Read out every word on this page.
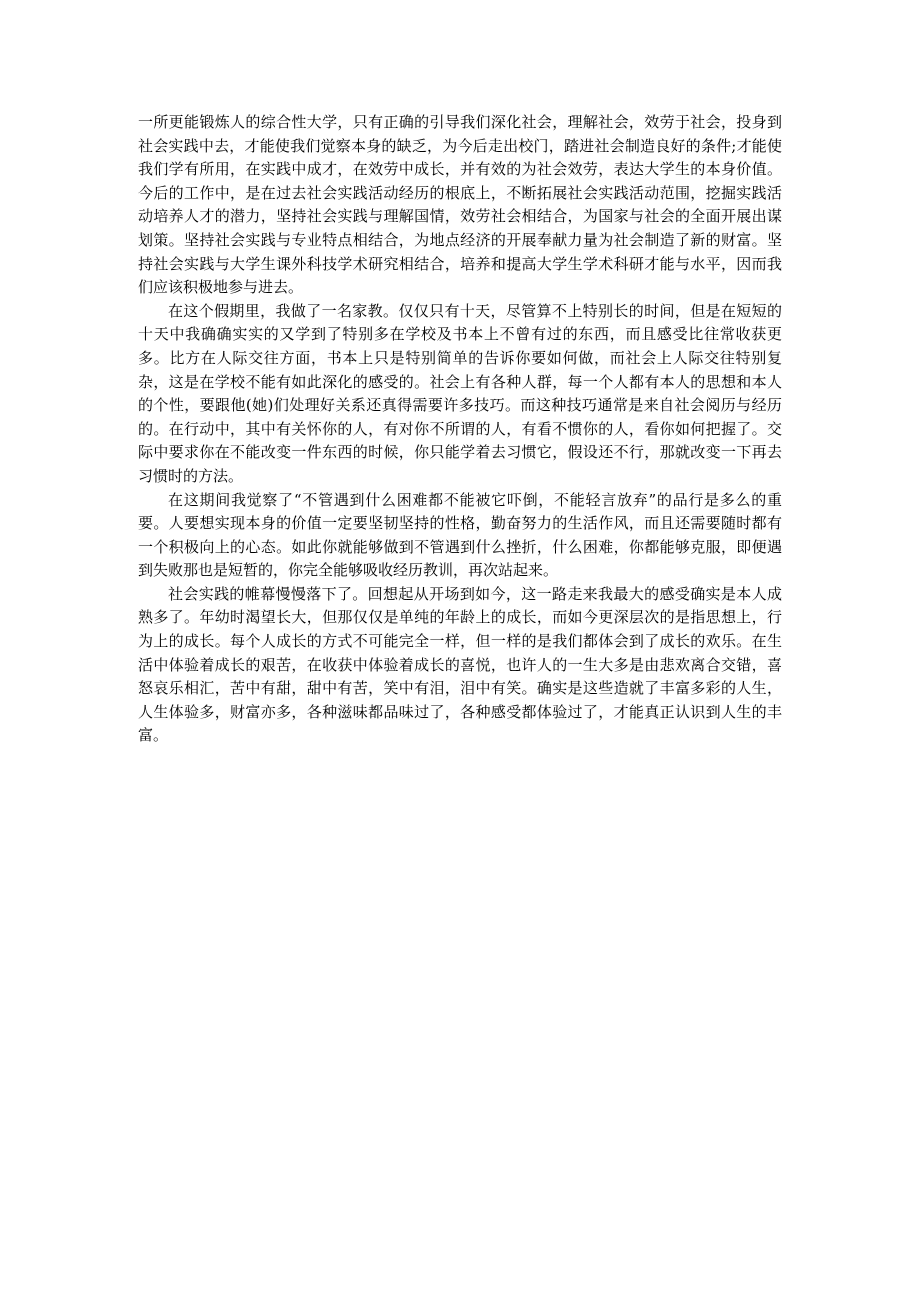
一所更能锻炼人的综合性大学，只有正确的引导我们深化社会，理解社会，效劳于社会，投身到社会实践中去，才能使我们觉察本身的缺乏，为今后走出校门，踏进社会制造良好的条件;才能使我们学有所用，在实践中成才，在效劳中成长，并有效的为社会效劳，表达大学生的本身价值。今后的工作中，是在过去社会实践活动经历的根底上，不断拓展社会实践活动范围，挖掘实践活动培养人才的潜力，坚持社会实践与理解国情，效劳社会相结合，为国家与社会的全面开展出谋划策。坚持社会实践与专业特点相结合，为地点经济的开展奉献力量为社会制造了新的财富。坚持社会实践与大学生课外科技学术研究相结合，培养和提高大学生学术科研才能与水平，因而我们应该积极地参与进去。

在这个假期里，我做了一名家教。仅仅只有十天，尽管算不上特别长的时间，但是在短短的十天中我确确实实的又学到了特别多在学校及书本上不曾有过的东西，而且感受比往常收获更多。比方在人际交往方面，书本上只是特别简单的告诉你要如何做，而社会上人际交往特别复杂，这是在学校不能有如此深化的感受的。社会上有各种人群，每一个人都有本人的思想和本人的个性，要跟他(她)们处理好关系还真得需要许多技巧。而这种技巧通常是来自社会阅历与经历的。在行动中，其中有关怀你的人，有对你不所谓的人，有看不惯你的人，看你如何把握了。交际中要求你在不能改变一件东西的时候，你只能学着去习惯它，假设还不行，那就改变一下再去习惯时的方法。

在这期间我觉察了“不管遇到什么困难都不能被它吓倒，不能轻言放弃”的品行是多么的重要。人要想实现本身的价值一定要坚韧坚持的性格，勤奋努力的生活作风，而且还需要随时都有一个积极向上的心态。如此你就能够做到不管遇到什么挫折，什么困难，你都能够克服，即便遇到失败那也是短暂的，你完全能够吸收经历教训，再次站起来。

社会实践的帷幕慢慢落下了。回想起从开场到如今，这一路走来我最大的感受确实是本人成熟多了。年幼时渴望长大，但那仅仅是单纯的年龄上的成长，而如今更深层次的是指思想上，行为上的成长。每个人成长的方式不可能完全一样，但一样的是我们都体会到了成长的欢乐。在生活中体验着成长的艰苦，在收获中体验着成长的喜悦，也许人的一生大多是由悲欢离合交错，喜怒哀乐相汇，苦中有甜，甜中有苦，笑中有泪，泪中有笑。确实是这些造就了丰富多彩的人生，人生体验多，财富亦多，各种滋味都品味过了，各种感受都体验过了，才能真正认识到人生的丰富。
